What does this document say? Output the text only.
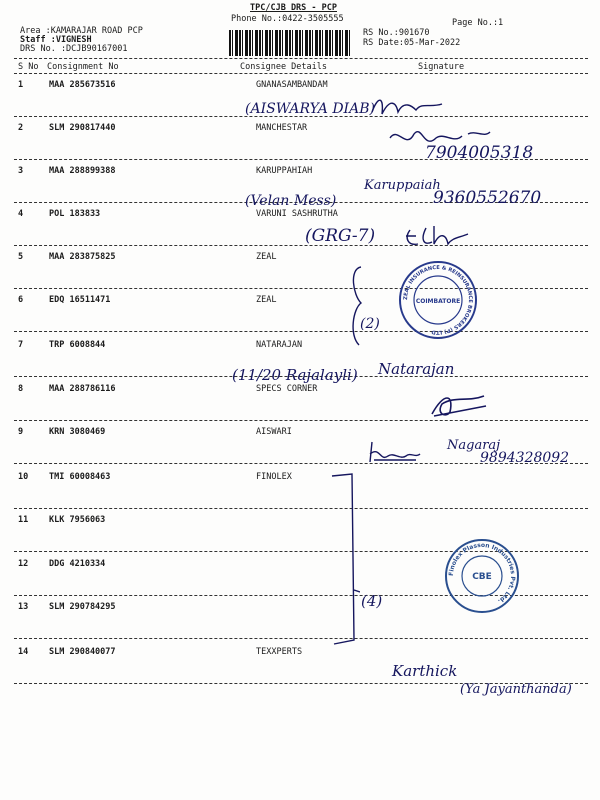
TPC/CJB DRS - PCP
Phone No.:0422-3505555	Page No.:1
Area :KAMARAJAR ROAD PCP
Staff :VIGNESH
DRS No. :DCJB90167001
RS No.:901670
RS Date:05-Mar-2022
S No Consignment No	Consignee Details	Signature
1	MAA 285673516	GNANASAMBANDAM
2	SLM 290817440	MANCHESTAR
3	MAA 288899388	KARUPPAHIAH
4	POL 183833	VARUNI SASHRUTHA
5	MAA 283875825	ZEAL
6	EDQ 16511471	ZEAL
7	TRP 6008844	NATARAJAN
8	MAA 288786116	SPECS CORNER
9	KRN 3080469	AISWARI
10 TMI 60008463	FINOLEX
11 KLK 7956063
12 DDG 4210334
13 SLM 290784295
14 SLM 290840077	TEXXPERTS
(AISWARYA DIAB)
7904005318
Karuppaiah
9360552670
(Velan Mess)
(GRG-7)
(2)
(11/20 Rajalayli) Natarajan
Nagaraj
9894328092
(4)
Karthick
(Ya Jayanthanda)
ZEAL INSURANCE & REINSURANCE BROKERS (P) LTD
COIMBATORE
Finolex Plasson Industries Pvt. Ltd.
CBE
